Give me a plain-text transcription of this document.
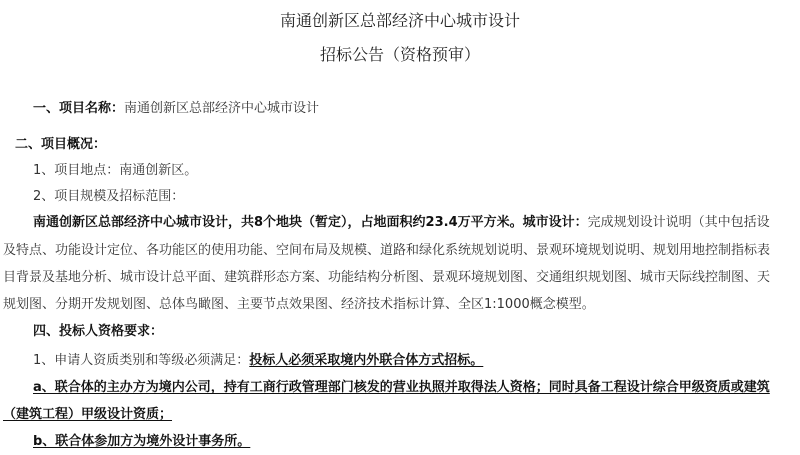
南通创新区总部经济中心城市设计
招标公告（资格预审）
一、项目名称：南通创新区总部经济中心城市设计
二、项目概况：
1、项目地点：南通创新区。
2、项目规模及招标范围：
南通创新区总部经济中心城市设计，共8个地块（暂定），占地面积约23.4万平方米。城市设计：完成规划设计说明（其中包括设
及特点、功能设计定位、各功能区的使用功能、空间布局及规模、道路和绿化系统规划说明、景观环境规划说明、规划用地控制指标表
目背景及基地分析、城市设计总平面、建筑群形态方案、功能结构分析图、景观环境规划图、交通组织规划图、城市天际线控制图、天
规划图、分期开发规划图、总体鸟瞰图、主要节点效果图、经济技术指标计算、全区1:1000概念模型。
四、投标人资格要求：
1、申请人资质类别和等级必须满足：投标人必须采取境内外联合体方式招标。
a、联合体的主办方为境内公司，持有工商行政管理部门核发的营业执照并取得法人资格；同时具备工程设计综合甲级资质或建筑
（建筑工程）甲级设计资质；
b、联合体参加方为境外设计事务所。
